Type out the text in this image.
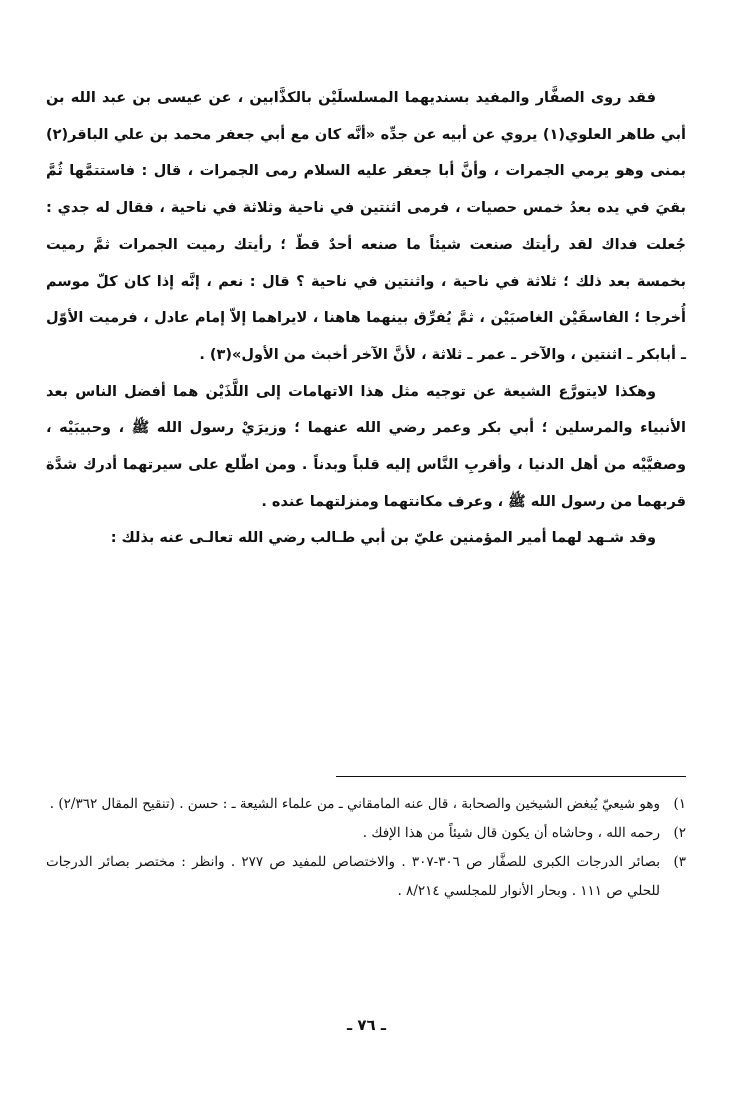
فقد روى الصفَّار والمفيد بسنديهما المسلسلَيْن بالكذَّابين ، عن عيسى بن عبد الله بن أبي طاهر العلوي(١) يروي عن أبيه عن جدِّه «أنَّه كان مع أبي جعفر محمد بن علي الباقر(٢) بمنى وهو يرمي الجمرات ، وأنَّ أبا جعفر عليه السلام رمى الجمرات ، قال : فاستتمَّها ثُمَّ بقيَ في يده بعدُ خمس حصيات ، فرمى اثنتين في ناحية وثلاثة في ناحية ، فقال له جدي : جُعلت فداك لقد رأيتك صنعت شيئاً ما صنعه أحدٌ قطّ ؛ رأيتك رميت الجمرات ثمَّ رميت بخمسة بعد ذلك ؛ ثلاثة في ناحية ، واثنتين في ناحية ؟ قال : نعم ، إنَّه إذا كان كلّ موسم أُخرجا ؛ الفاسقَيْن الغاصبَيْن ، ثمَّ يُفرِّق بينهما هاهنا ، لايراهما إلاّ إمام عادل ، فرميت الأوّل ـ أبابكر ـ اثنتين ، والآخر ـ عمر ـ ثلاثة ، لأنَّ الآخر أخبث من الأول»(٣) .

وهكذا لايتورَّع الشيعة عن توجيه مثل هذا الاتهامات إلى اللَّذَيْن هما أفضل الناس بعد الأنبياء والمرسلين ؛ أبي بكر وعمر رضي الله عنهما ؛ وزيرَيْ رسول الله ﷺ ، وحبيبَيْه ، وصفيَّيْه من أهل الدنيا ، وأقربِ النَّاس إليه قلباً وبدناً . ومن اطّلع على سيرتهما أدرك شدَّة قربهما من رسول الله ﷺ ، وعرف مكانتهما ومنزلتهما عنده .

وقد شـهد لهما أمير المؤمنين عليّ بن أبي طـالب رضي الله تعالـى عنه بذلك :

١)
وهو شيعيّ يُبغض الشيخين والصحابة ، قال عنه المامقاني ـ من علماء الشيعة ـ : حسن . (تنقيح المقال ٢/٣٦٢) .
٢)
رحمه الله ، وحاشاه أن يكون قال شيئاً من هذا الإفك .
٣)
بصائر الدرجات الكبرى للصفَّار ص ٣٠٦-٣٠٧ . والاختصاص للمفيد ص ٢٧٧ . وانظر : مختصر بصائر الدرجات للحلي ص ١١١ . وبحار الأنوار للمجلسي ٨/٢١٤ .
ـ ٧٦ ـ
